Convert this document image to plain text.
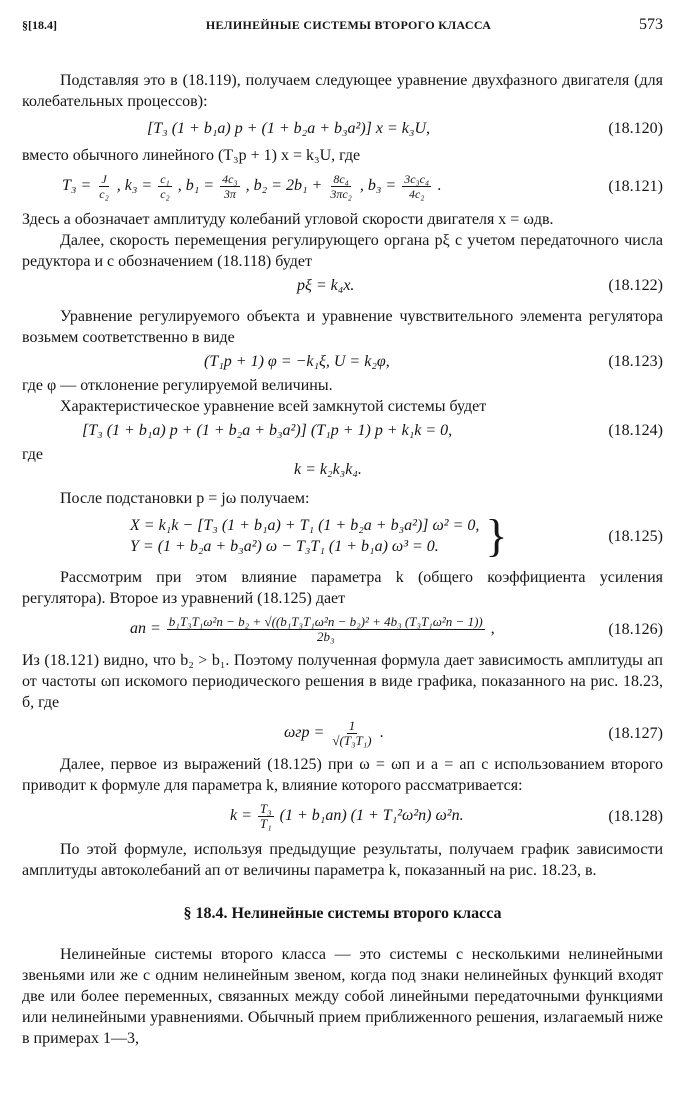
§[18.4]	НЕЛИНЕЙНЫЕ СИСТЕМЫ ВТОРОГО КЛАССА	573

Подставляя это в (18.119), получаем следующее уравнение двухфазного двигателя (для колебательных процессов):

[T₃ (1 + b₁a) p + (1 + b₂a + b₃a²)] x = k₃U,	(18.120)

вместо обычного линейного (T₃p + 1) x = k₃U, где

$T_3 = \frac{J}{\text{c₂}}$ , $k_3 = \frac{\text{c₁}}{\text{c₂}}$ , $b_1 = \frac{\text{4c₃}}{3\pi}$ , $b_2 = 2b_1 + \frac{\text{8c₄}}{\text{3πc₂}}$ , $b_3 = \frac{\text{3c₃c₄}}{\text{4c₂}}$ .	(18.121)

Здесь a обозначает амплитуду колебаний угловой скорости двигателя x = ωдв.

Далее, скорость перемещения регулирующего органа pξ с учетом передаточного числа редуктора и с обозначением (18.118) будет

pξ = k₄x.	(18.122)

Уравнение регулируемого объекта и уравнение чувствительного элемента регулятора возьмем соответственно в виде

(T₁p + 1) φ = −k₁ξ, U = k₂φ,	(18.123)

где φ — отклонение регулируемой величины.

Характеристическое уравнение всей замкнутой системы будет

[T₃ (1 + b₁a) p + (1 + b₂a + b₃a²)] (T₁p + 1) p + k₁k = 0,	(18.124)

где

k = k₂k₃k₄.

После подстановки p = jω получаем:

X = k₁k − [T₃ (1 + b₁a) + T₁ (1 + b₂a + b₃a²)] ω² = 0,
Y = (1 + b₂a + b₃a²) ω − T₃T₁ (1 + b₁a) ω³ = 0. }	(18.125)

Рассмотрим при этом влияние параметра k (общего коэффициента усиления регулятора). Второе из уравнений (18.125) дает

aп = $\frac{\text{b₁T₃T₁ω²п − b₂ + √((b₁T₃T₁ω²п − b₂)² + 4b₃ (T₃T₁ω²п − 1))}}{\text{2b₃}}$ ,	(18.126)

Из (18.121) видно, что b₂ > b₁. Поэтому полученная формула дает зависимость амплитуды aп от частоты ωп искомого периодического решения в виде графика, показанного на рис. 18.23, б, где

$\omega гр = \frac{1}{\text{√(T₃T₁)}}$ .	(18.127)

Далее, первое из выражений (18.125) при ω = ωп и a = aп с использованием второго приводит к формуле для параметра k, влияние которого рассматривается:

$k = \frac{\text{T₃}}{\text{T₁}} (1 + b_1aп) (1 + T_1^2\omega^2п)$ ω²п.	(18.128)

По этой формуле, используя предыдущие результаты, получаем график зависимости амплитуды автоколебаний aп от величины параметра k, показанный на рис. 18.23, в.

§ 18.4. Нелинейные системы второго класса

Нелинейные системы второго класса — это системы с несколькими нелинейными звеньями или же с одним нелинейным звеном, когда под знаки нелинейных функций входят две или более переменных, связанных между собой линейными передаточными функциями или нелинейными уравнениями. Обычный прием приближенного решения, излагаемый ниже в примерах 1—3,
